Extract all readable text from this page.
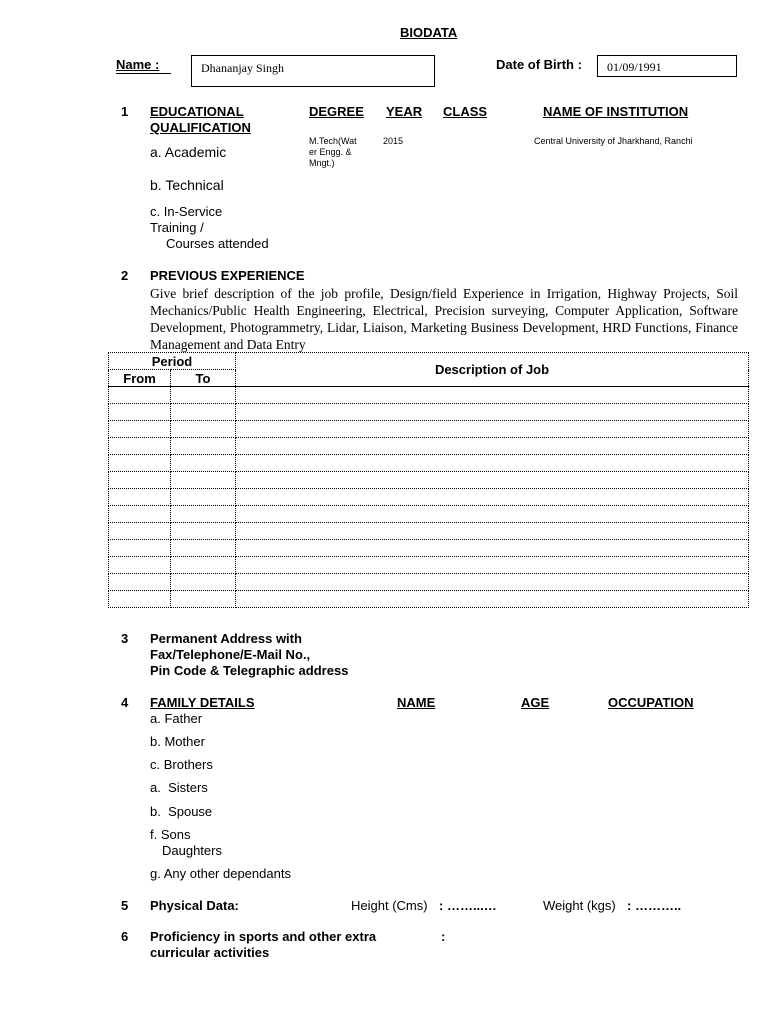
BIODATA
Name :	Dhananjay Singh	Date of Birth : 01/09/1991
1 EDUCATIONAL
QUALIFICATION
DEGREE YEAR CLASS	NAME OF INSTITUTION
a. Academic
M.Tech(Wat
er Engg. &
Mngt.)
2015	Central University of Jharkhand, Ranchi
b. Technical
c. In-Service
Training /
Courses attended
2 PREVIOUS EXPERIENCE
Give brief description of the job profile, Design/field Experience in Irrigation, Highway Projects, Soil Mechanics/Public Health Engineering, Electrical, Precision surveying, Computer Application, Software Development, Photogrammetry, Lidar, Liaison, Marketing Business Development, HRD Functions, Finance Management and Data Entry
Period		Description of Job
From	To	

3 Permanent Address with
Fax/Telephone/E-Mail No.,
Pin Code & Telegraphic address
4 FAMILY DETAILS	NAME	AGE	OCCUPATION
a. Father
b. Mother
c. Brothers
a.  Sisters
b.  Spouse
f. Sons
Daughters
g. Any other dependants
5 Physical Data:	Height (Cms) : ……...…	Weight (kgs) : ………..
6 Proficiency in sports and other extra	:
curricular activities
